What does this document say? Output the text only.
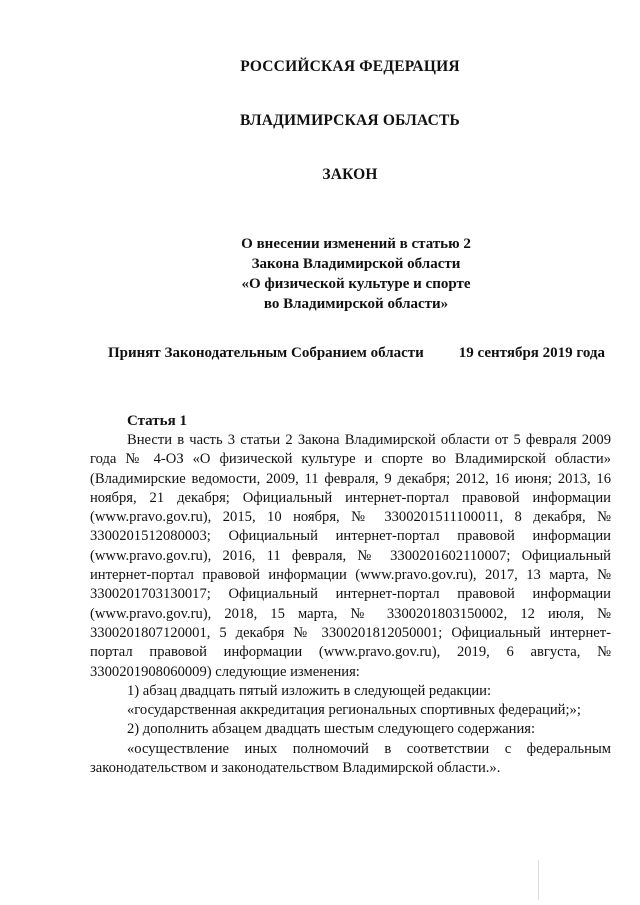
РОССИЙСКАЯ ФЕДЕРАЦИЯ
ВЛАДИМИРСКАЯ ОБЛАСТЬ
ЗАКОН
О внесении изменений в статью 2
Закона Владимирской области
«О физической культуре и спорте
во Владимирской области»
Принят Законодательным Собранием области 19 сентября 2019 года
Статья 1

Внести в часть 3 статьи 2 Закона Владимирской области от 5 февраля 2009 года № 4-ОЗ «О физической культуре и спорте во Владимирской области» (Владимирские ведомости, 2009, 11 февраля, 9 декабря; 2012, 16 июня; 2013, 16 ноября, 21 декабря; Официальный интернет-портал правовой информации (www.pravo.gov.ru), 2015, 10 ноября, № 3300201511100011, 8 декабря, № 3300201512080003; Официальный интернет-портал правовой информации (www.pravo.gov.ru), 2016, 11 февраля, № 3300201602110007; Официальный интернет-портал правовой информации (www.pravo.gov.ru), 2017, 13 марта, № 3300201703130017; Официальный интернет-портал правовой информации (www.pravo.gov.ru), 2018, 15 марта, № 3300201803150002, 12 июля, № 3300201807120001, 5 декабря № 3300201812050001; Официальный интернет-портал правовой информации (www.pravo.gov.ru), 2019, 6 августа, № 3300201908060009) следующие изменения:

1) абзац двадцать пятый изложить в следующей редакции:

«государственная аккредитация региональных спортивных федераций;»;

2) дополнить абзацем двадцать шестым следующего содержания:

«осуществление иных полномочий в соответствии с федеральным законодательством и законодательством Владимирской области.».
